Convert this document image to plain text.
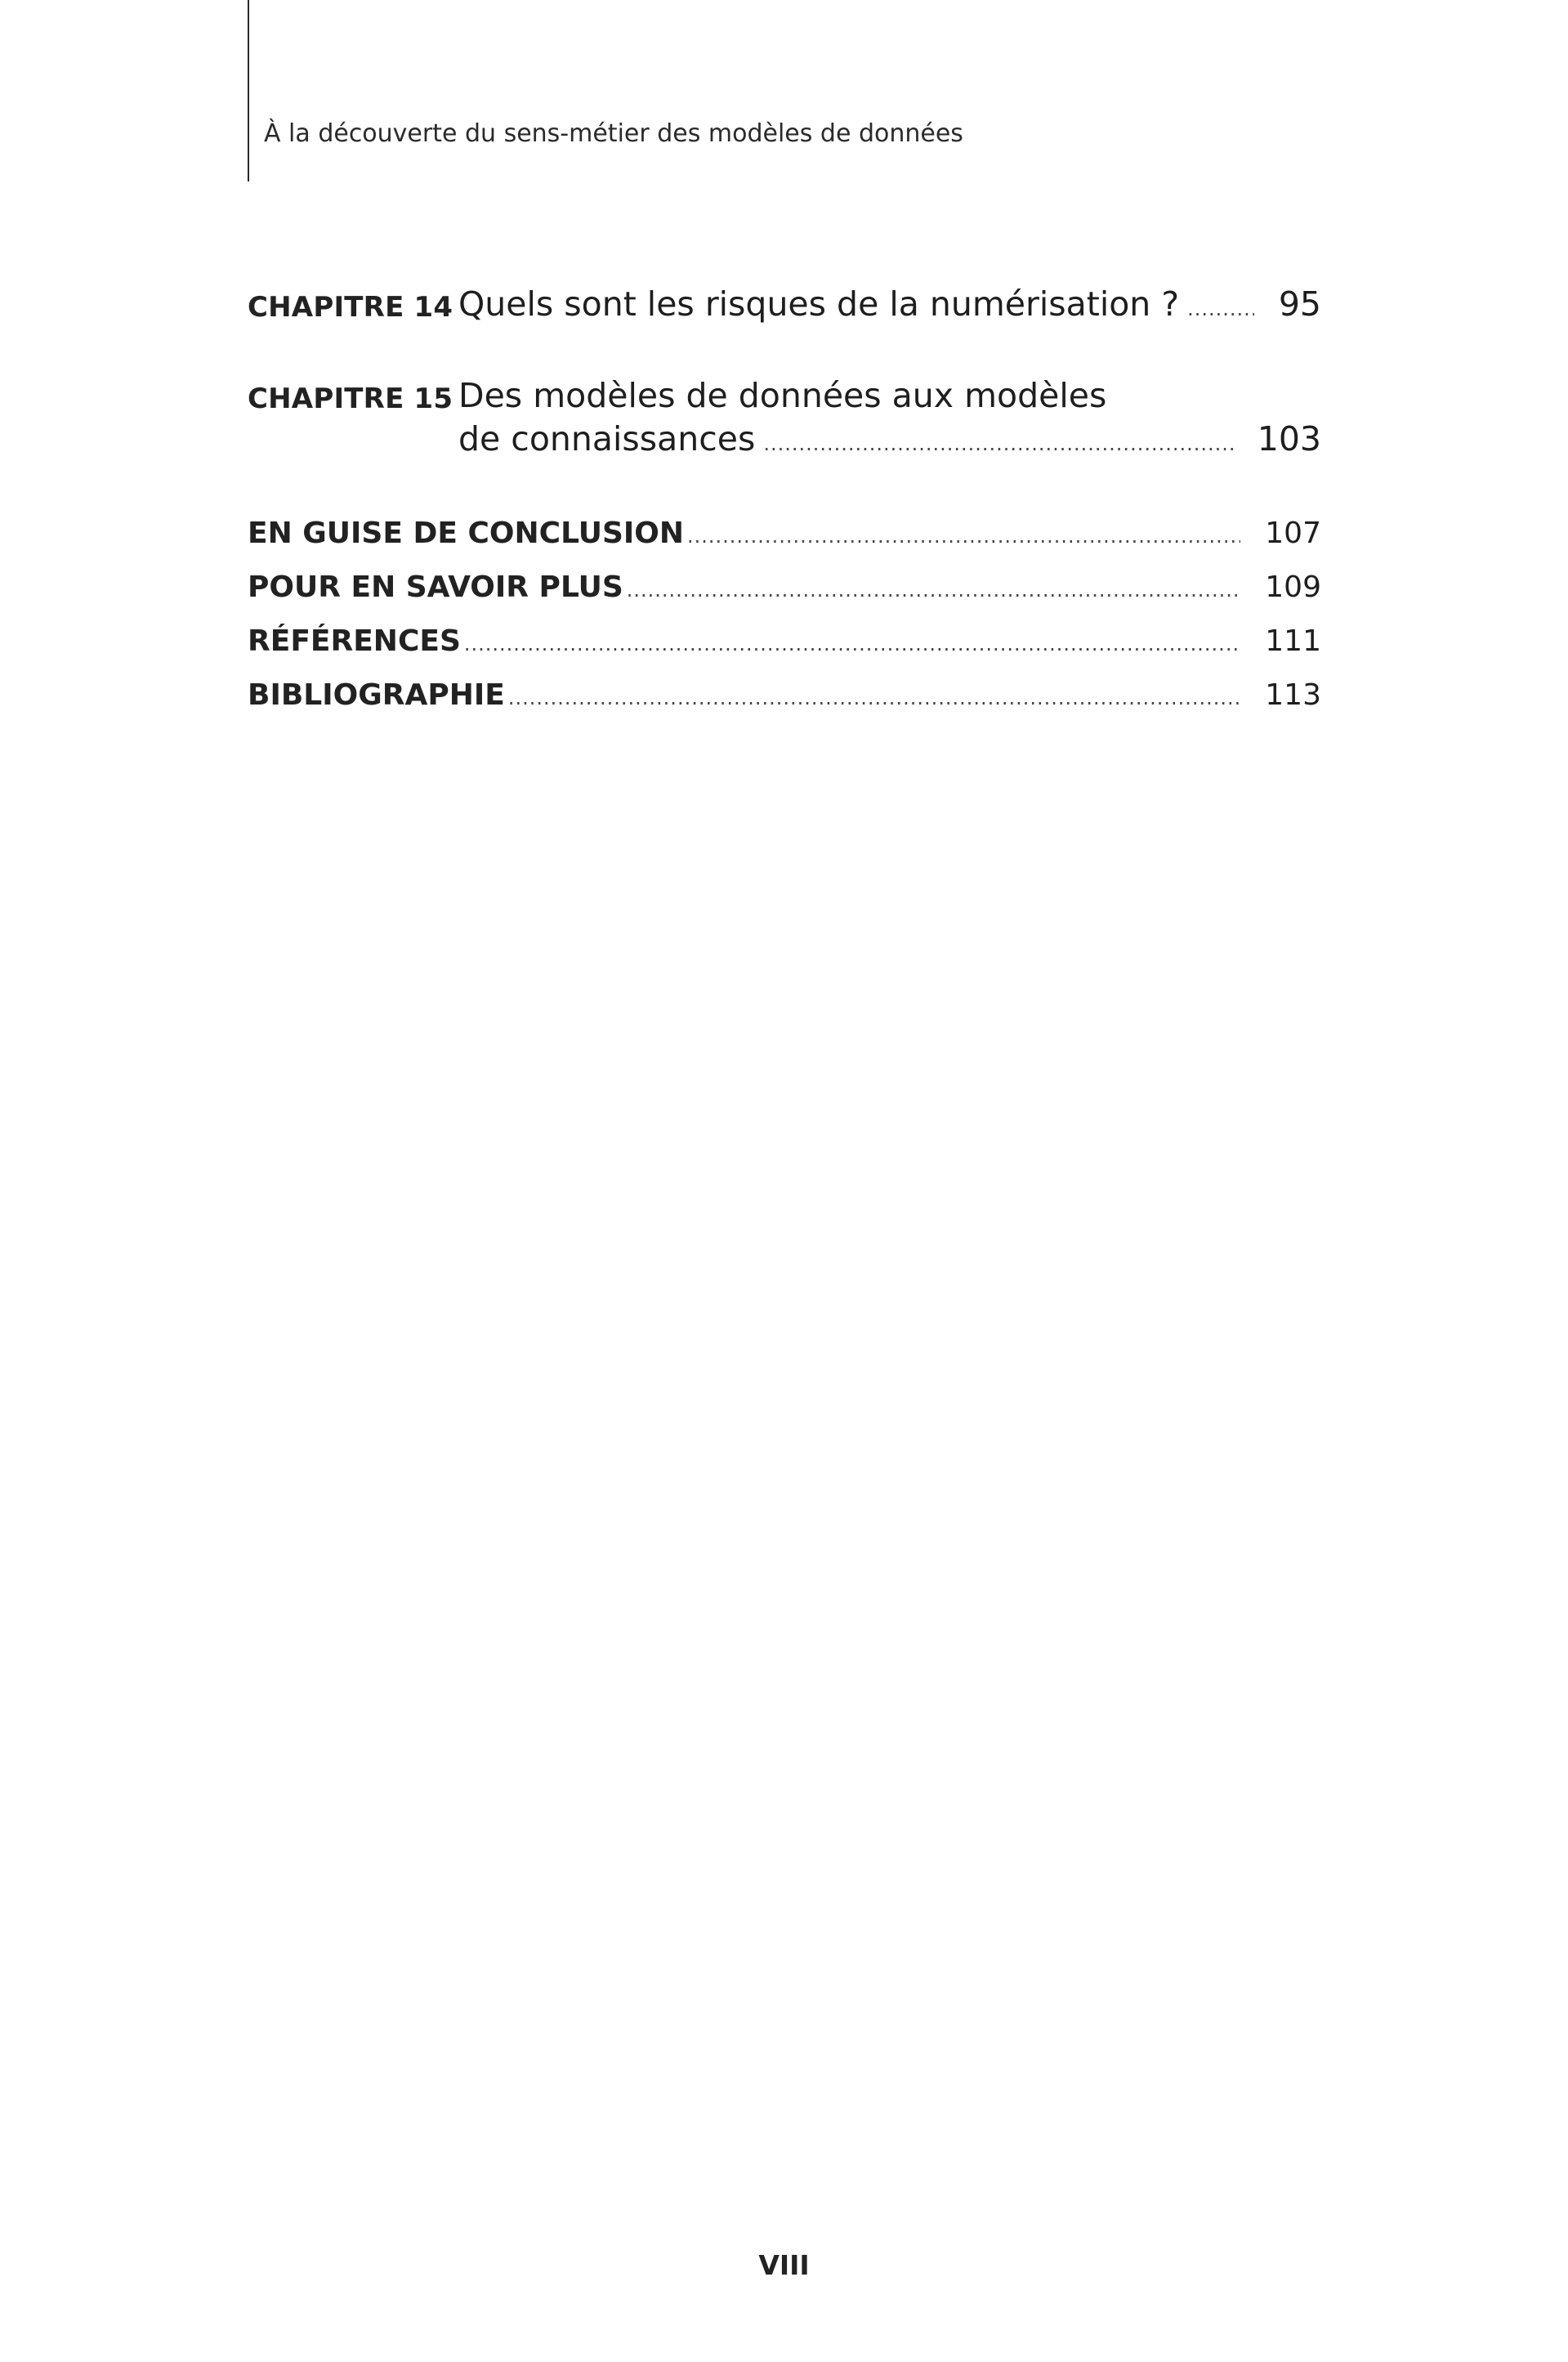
À la découverte du sens-métier des modèles de données
CHAPITRE 14 Quels sont les risques de la numérisation ? .....	95
CHAPITRE 15 Des modèles de données aux modèles
de connaissances .....	103
EN GUISE DE CONCLUSION .....	107
POUR EN SAVOIR PLUS .....	109
RÉFÉRENCES .....	111
BIBLIOGRAPHIE .....	113
VIII
